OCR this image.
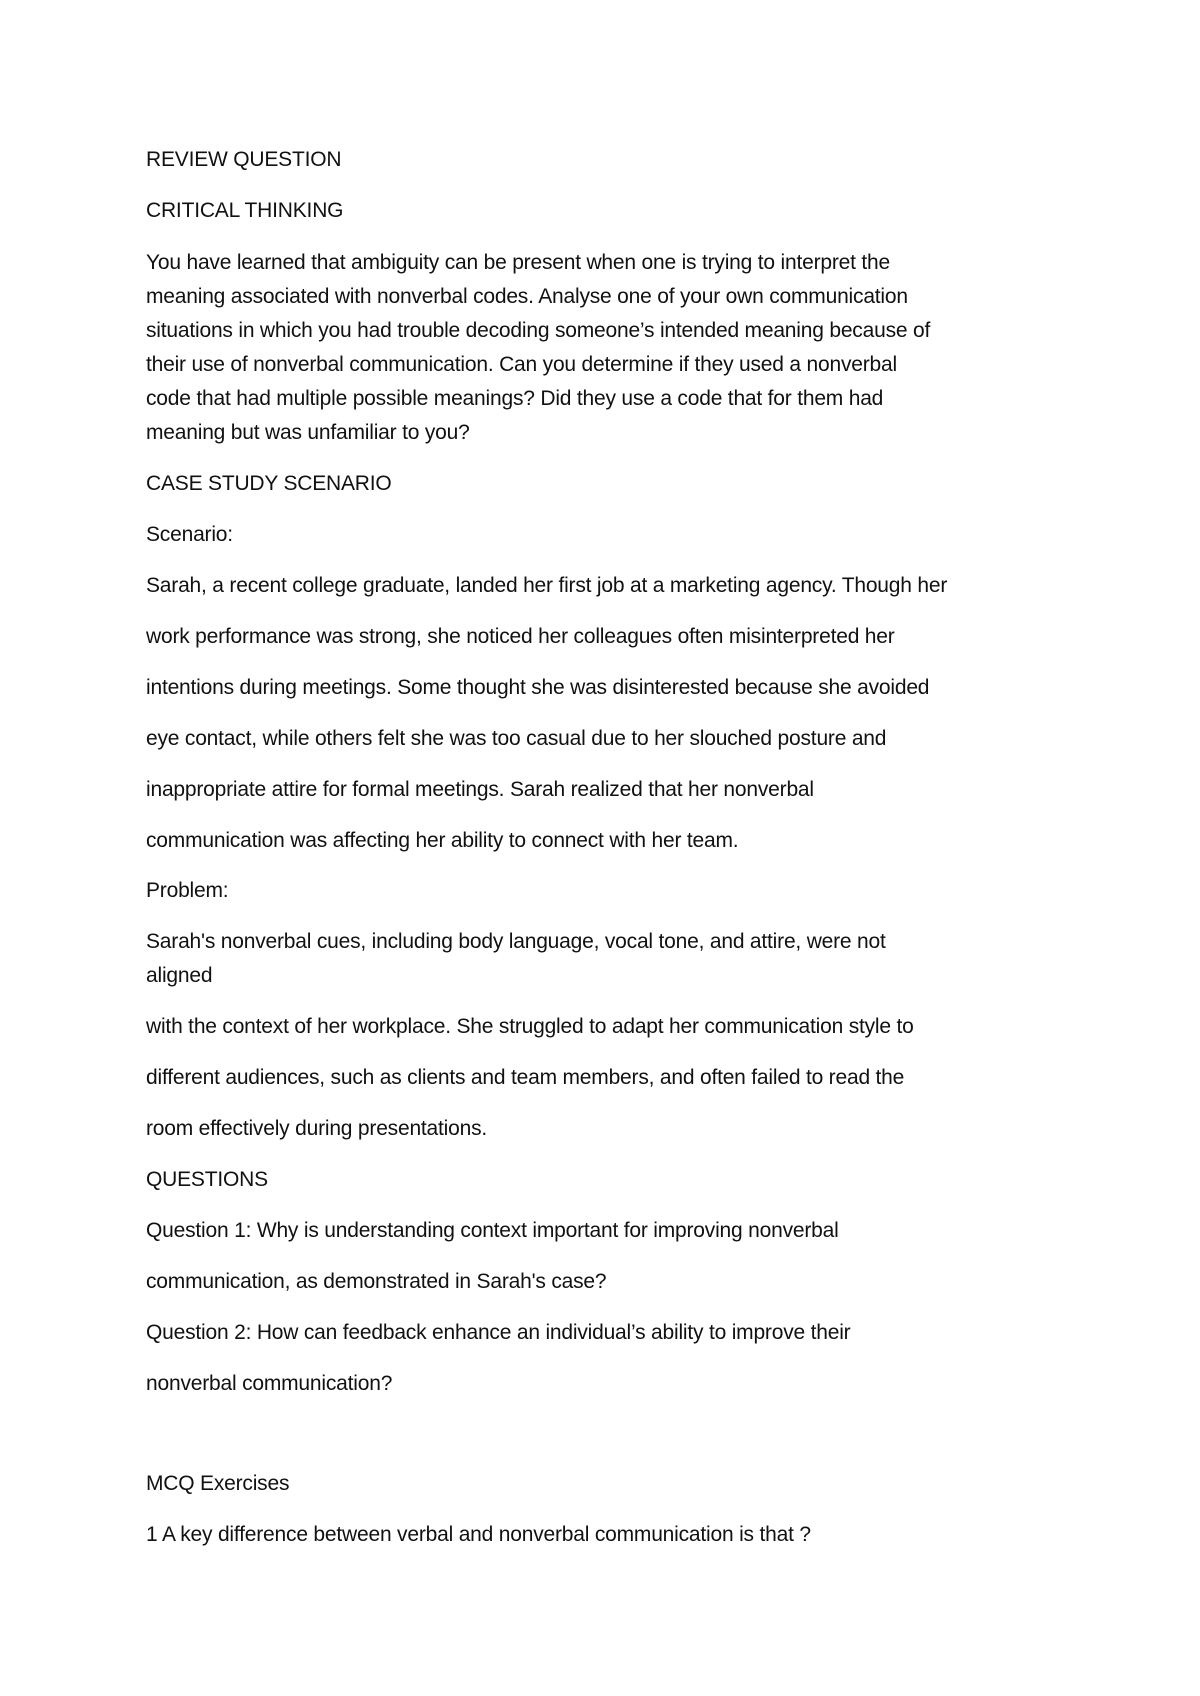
REVIEW QUESTION
CRITICAL THINKING
You have learned that ambiguity can be present when one is trying to interpret the
meaning associated with nonverbal codes. Analyse one of your own communication
situations in which you had trouble decoding someone’s intended meaning because of
their use of nonverbal communication. Can you determine if they used a nonverbal
code that had multiple possible meanings? Did they use a code that for them had
meaning but was unfamiliar to you?
CASE STUDY SCENARIO
Scenario:
Sarah, a recent college graduate, landed her first job at a marketing agency. Though her
work performance was strong, she noticed her colleagues often misinterpreted her
intentions during meetings. Some thought she was disinterested because she avoided
eye contact, while others felt she was too casual due to her slouched posture and
inappropriate attire for formal meetings. Sarah realized that her nonverbal
communication was affecting her ability to connect with her team.
Problem:
Sarah's nonverbal cues, including body language, vocal tone, and attire, were not
aligned
with the context of her workplace. She struggled to adapt her communication style to
different audiences, such as clients and team members, and often failed to read the
room effectively during presentations.
QUESTIONS
Question 1: Why is understanding context important for improving nonverbal
communication, as demonstrated in Sarah's case?
Question 2: How can feedback enhance an individual’s ability to improve their
nonverbal communication?
MCQ Exercises
1 A key difference between verbal and nonverbal communication is that ?
